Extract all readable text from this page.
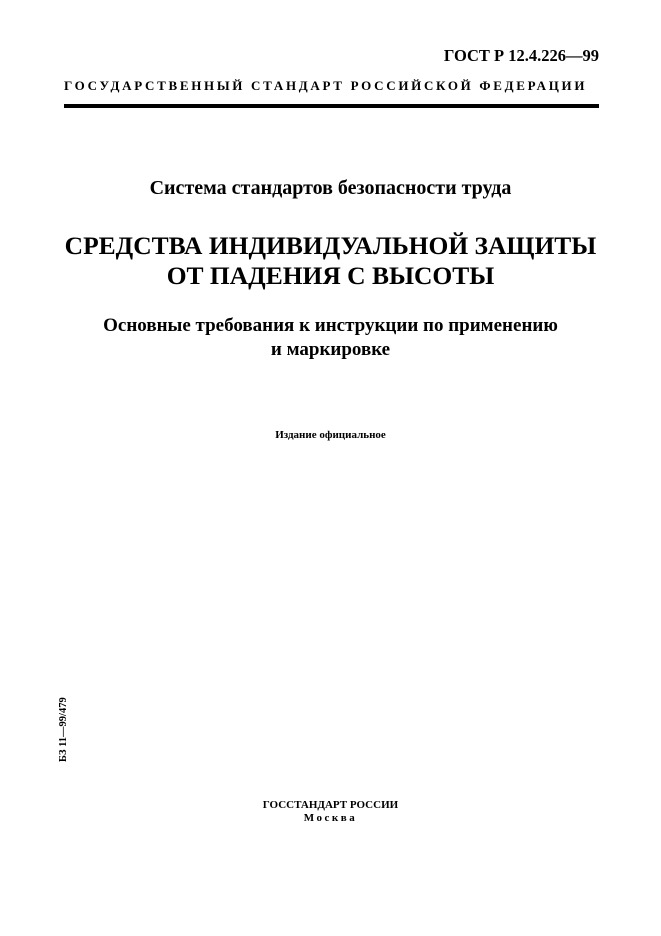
ГОСТ Р 12.4.226—99
ГОСУДАРСТВЕННЫЙ СТАНДАРТ РОССИЙСКОЙ ФЕДЕРАЦИИ
Система стандартов безопасности труда
СРЕДСТВА ИНДИВИДУАЛЬНОЙ ЗАЩИТЫ
ОТ ПАДЕНИЯ С ВЫСОТЫ
Основные требования к инструкции по применению
и маркировке
Издание официальное
БЗ 11—99/479
ГОССТАНДАРТ РОССИИ
Москва
